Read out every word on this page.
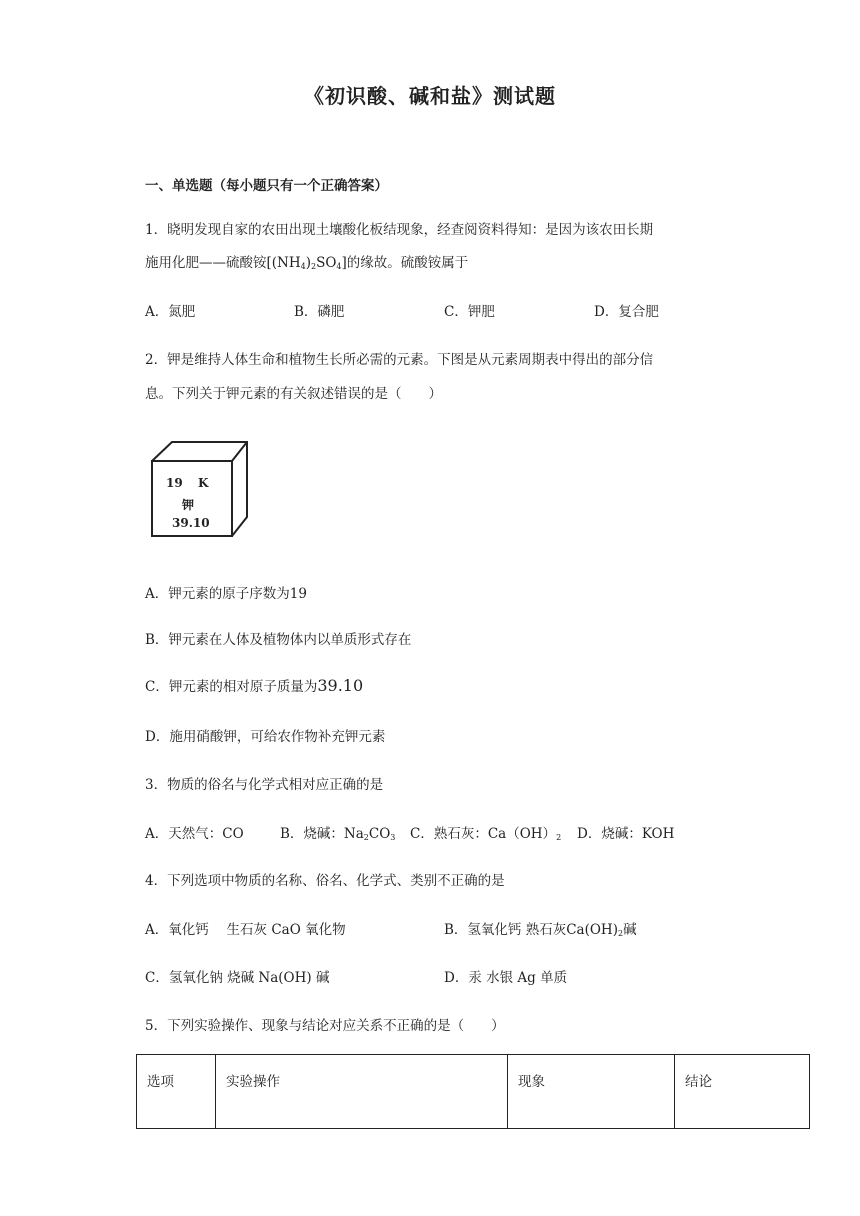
《初识酸、碱和盐》测试题
一、单选题（每小题只有一个正确答案）
1．晓明发现自家的农田出现土壤酸化板结现象，经查阅资料得知：是因为该农田长期
施用化肥——硫酸铵$[(NH_4)_2SO_4]$的缘故。硫酸铵属于
A．氮肥	B．磷肥	C．钾肥	D．复合肥
2．钾是维持人体生命和植物生长所必需的元素。下图是从元素周期表中得出的部分信
息。下列关于钾元素的有关叙述错误的是（　　）
19 K
钾
39.10
A．钾元素的原子序数为19
B．钾元素在人体及植物体内以单质形式存在
C．钾元素的相对原子质量为39.10
D．施用硝酸钾，可给农作物补充钾元素
3．物质的俗名与化学式相对应正确的是
A．天然气：CO	B．烧碱：$Na_2CO_3$ C．熟石灰：$Ca(OH)_2$ D．烧碱：KOH
4．下列选项中物质的名称、俗名、化学式、类别不正确的是
A．氧化钙　 生石灰 CaO 氧化物	B．氢氧化钙 熟石灰$Ca(OH)_2$碱
C．氢氧化钠 烧碱 Na(OH) 碱	D．汞 水银 Ag 单质
5．下列实验操作、现象与结论对应关系不正确的是（　　）
选项	实验操作	现象	结论
